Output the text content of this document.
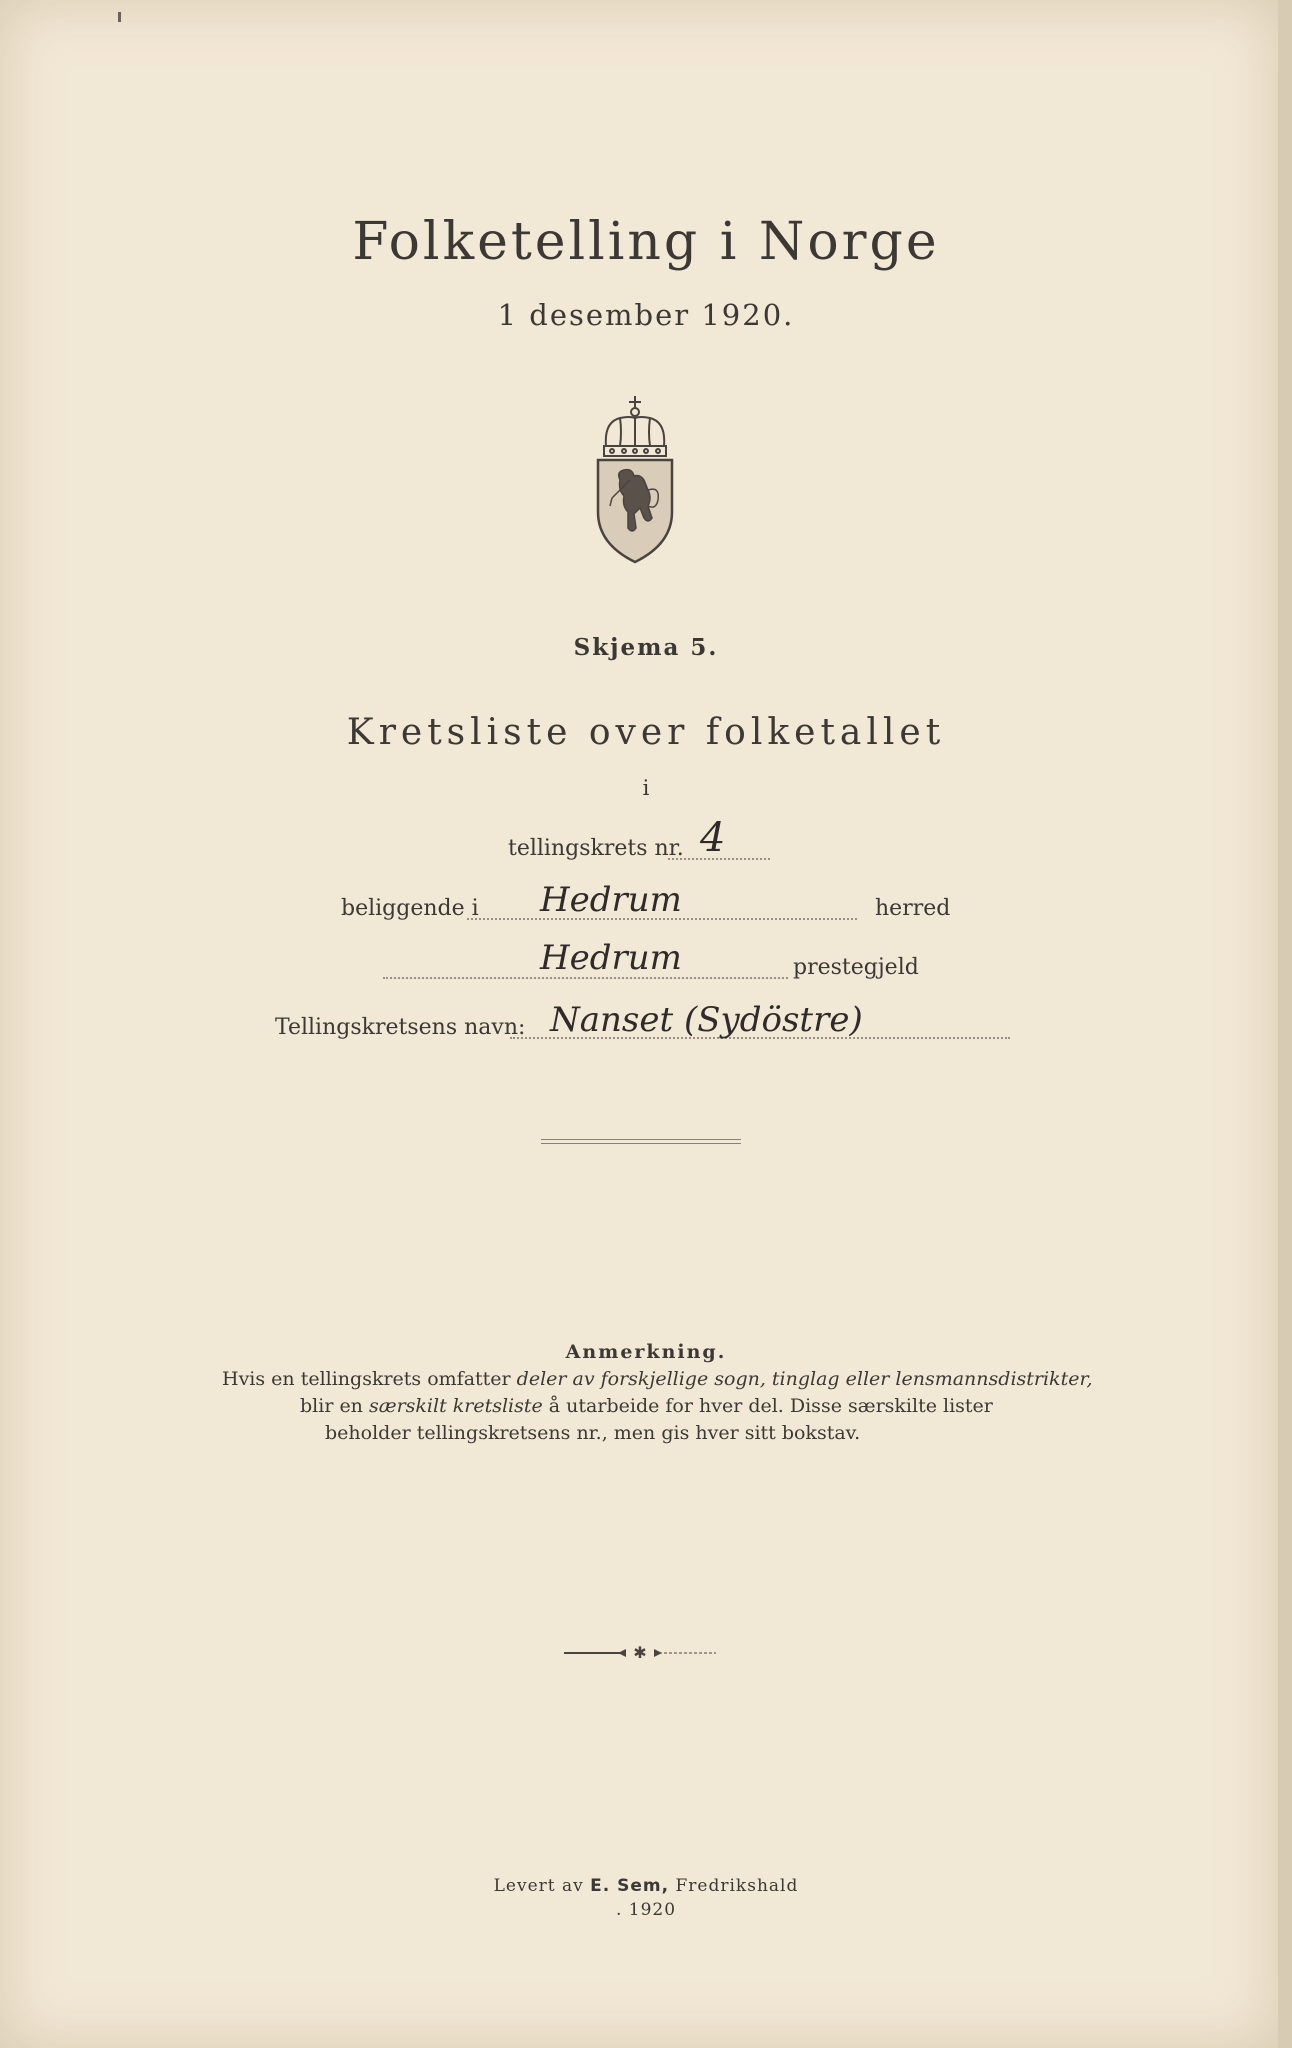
Folketelling i Norge
1 desember 1920.
Skjema 5.
Kretsliste over folketallet
i
tellingskrets nr. 4
beliggende i Hedrum	herred
Hedrum	prestegjeld
Tellingskretsens navn: Nanset (Sydöstre)
Anmerkning.
Hvis en tellingskrets omfatter deler av forskjellige sogn, tinglag eller lensmannsdistrikter,
blir en særskilt kretsliste å utarbeide for hver del. Disse særskilte lister
beholder tellingskretsens nr., men gis hver sitt bokstav.
✱
Levert av E. Sem, Fredrikshald
. 1920
